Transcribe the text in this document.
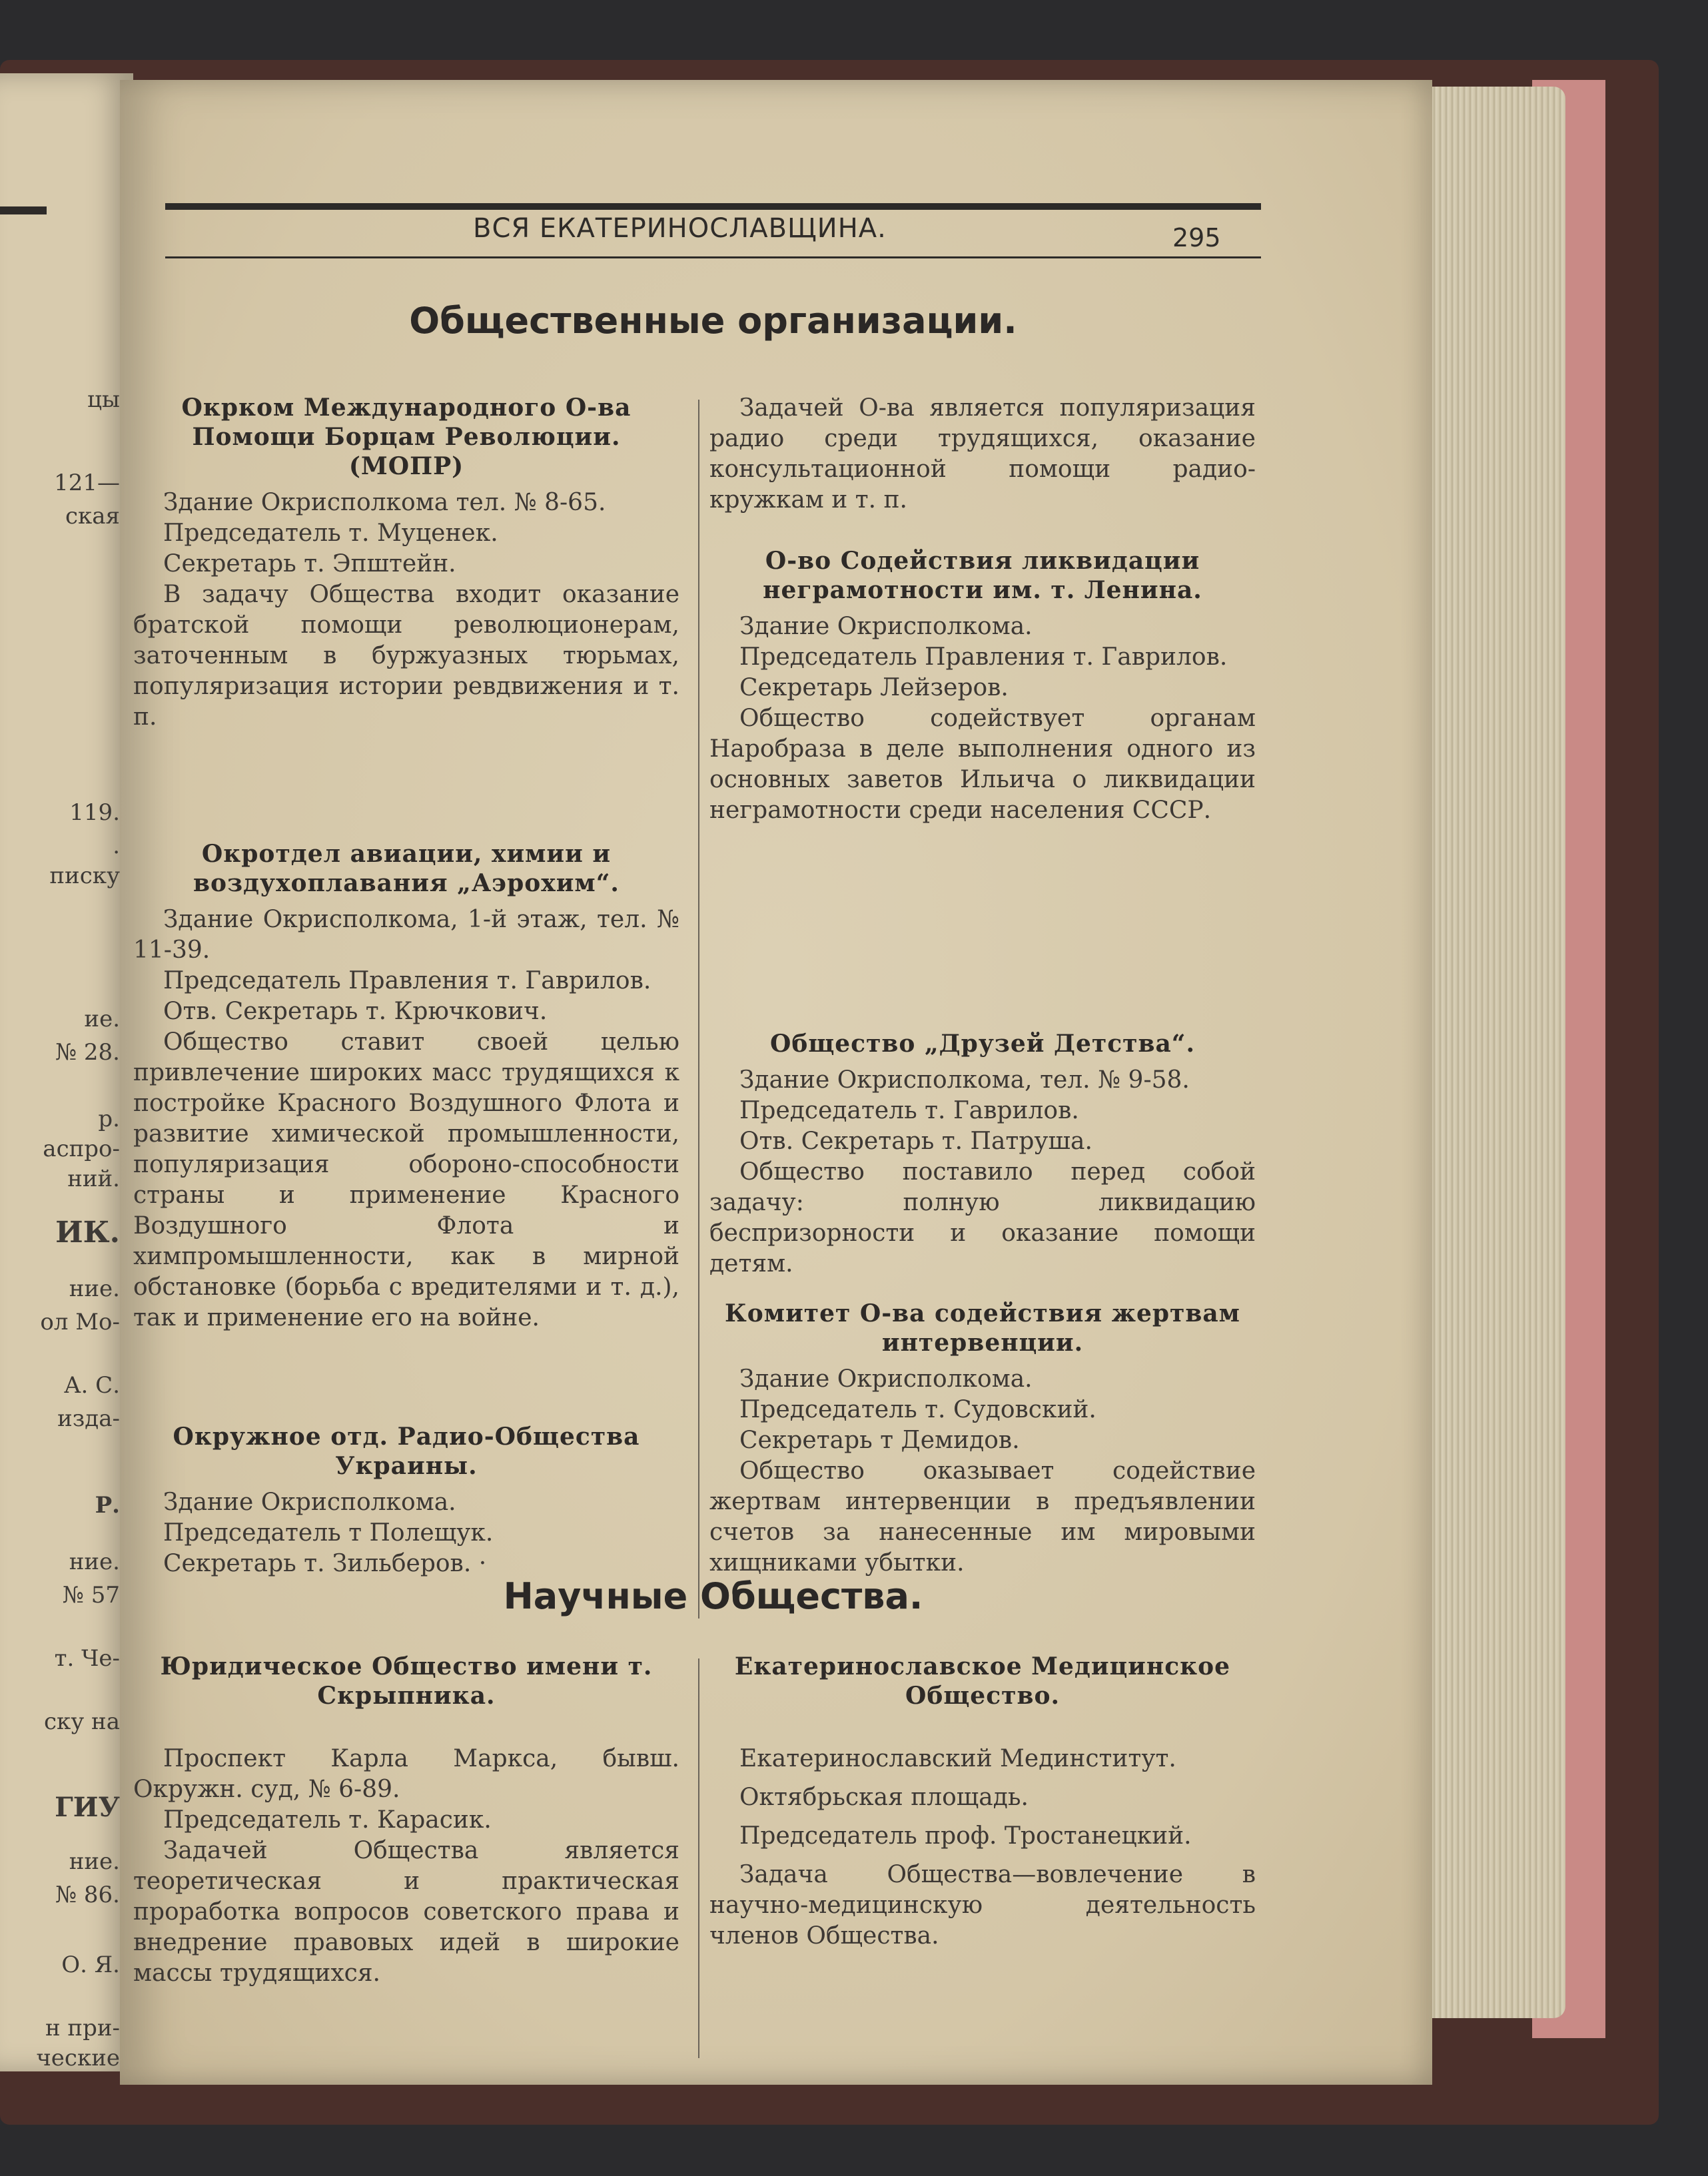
цы
121—
ская
119.
.
писку
ие.
№ 28.
р.
аспро-
ний.
ИК.
ние.
ол Мо-
А. С.
изда-
Р.
ние.
№ 57
т. Че-
ску на
ГИУ
ние.
№ 86.
О. Я.
н при-
ческие
ВСЯ ЕКАТЕРИНОСЛАВЩИНА.	295
Общественные организации.

Окрком Международного О-ва Помощи Борцам Революции. (МОПР)

Здание Окрисполкома тел. № 8-65.

Председатель т. Муценек.

Секретарь т. Эпштейн.

В задачу Общества входит оказание братской помощи революционерам, заточенным в буржуазных тюрьмах, популяризация истории ревдвижения и т. п.

Окротдел авиации, химии и воздухоплавания „Аэрохим“.

Здание Окрисполкома, 1-й этаж, тел. № 11-39.

Председатель Правления т. Гаврилов.

Отв. Секретарь т. Крючкович.

Общество ставит своей целью привлечение широких масс трудящихся к постройке Красного Воздушного Флота и развитие химической промышленности, популяризация обороно-способности страны и применение Красного Воздушного Флота и химпромышленности, как в мирной обстановке (борьба с вредителями и т. д.), так и применение его на войне.

Окружное отд. Радио-Общества Украины.

Здание Окрисполкома.

Председатель т Полещук.

Секретарь т. Зильберов. ·

Задачей О-ва является популяризация радио среди трудящихся, оказание консультационной помощи радио-кружкам и т. п.

О-во Содействия ликвидации неграмотности им. т. Ленина.

Здание Окрисполкома.

Председатель Правления т. Гаврилов.

Секретарь Лейзеров.

Общество содействует органам Наробраза в деле выполнения одного из основных заветов Ильича о ликвидации неграмотности среди населения СССР.

Общество „Друзей Детства“.

Здание Окрисполкома, тел. № 9-58.

Председатель т. Гаврилов.

Отв. Секретарь т. Патруша.

Общество поставило перед собой задачу: полную ликвидацию беспризорности и оказание помощи детям.

Комитет О-ва содействия жертвам интервенции.

Здание Окрисполкома.

Председатель т. Судовский.

Секретарь т Демидов.

Общество оказывает содействие жертвам интервенции в предъявлении счетов за нанесенные им мировыми хищниками убытки.

Научные Общества.

Юридическое Общество имени т. Скрыпника.

Проспект Карла Маркса, бывш. Окружн. суд, № 6-89.

Председатель т. Карасик.

Задачей Общества является теоретическая и практическая проработка вопросов советского права и внедрение правовых идей в широкие массы трудящихся.

Екатеринославское Медицинское Общество.

Екатеринославский Мединститут.

Октябрьская площадь.

Председатель проф. Тростанецкий.

Задача Общества—вовлечение в научно-медицинскую деятельность членов Общества.
